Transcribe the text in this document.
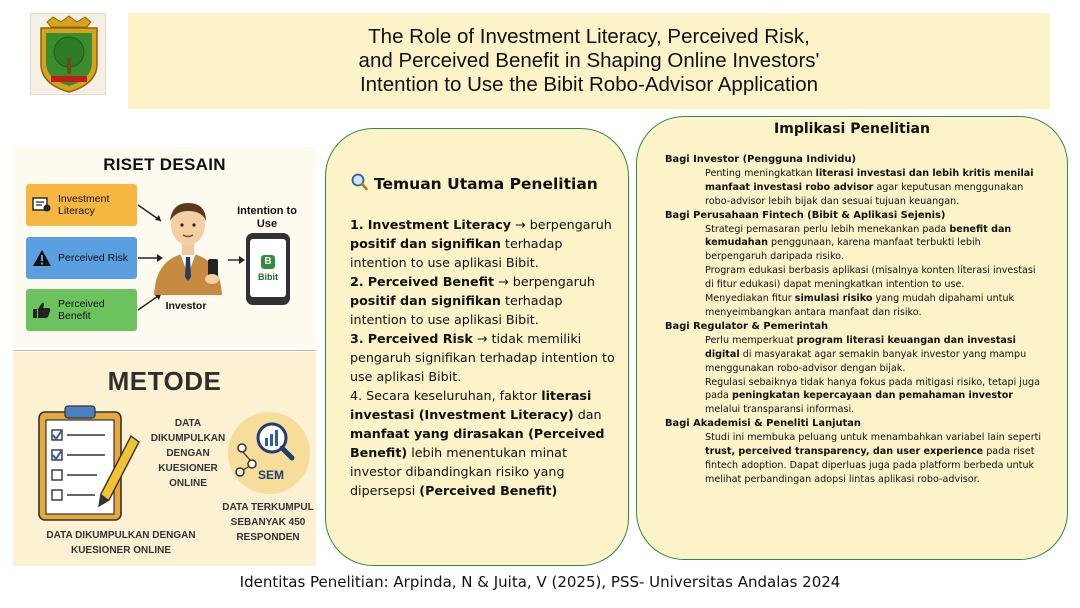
The Role of Investment Literacy, Perceived Risk,
and Perceived Benefit in Shaping Online Investors'
Intention to Use the Bibit Robo-Advisor Application
RISET DESAIN
Investment Literacy
Perceived Risk
Perceived Benefit
Investor
Intention to Use
B
Bibit
METODE
DATA DIKUMPULKAN DENGAN KUESIONER ONLINE
SEM
DATA DIKUMPULKAN DENGAN KUESIONER ONLINE
DATA TERKUMPUL SEBANYAK 450 RESPONDEN
Temuan Utama Penelitian

1. Investment Literacy → berpengaruh positif dan signifikan terhadap intention to use aplikasi Bibit.

2. Perceived Benefit → berpengaruh positif dan signifikan terhadap intention to use aplikasi Bibit.

3. Perceived Risk → tidak memiliki pengaruh signifikan terhadap intention to use aplikasi Bibit.

4. Secara keseluruhan, faktor literasi investasi (Investment Literacy) dan manfaat yang dirasakan (Perceived Benefit) lebih menentukan minat investor dibandingkan risiko yang dipersepsi (Perceived Benefit)

Implikasi Penelitian
Bagi Investor (Pengguna Individu)
Penting meningkatkan literasi investasi dan lebih kritis menilai manfaat investasi robo advisor agar keputusan menggunakan robo-advisor lebih bijak dan sesuai tujuan keuangan.
Bagi Perusahaan Fintech (Bibit & Aplikasi Sejenis)
Strategi pemasaran perlu lebih menekankan pada benefit dan kemudahan penggunaan, karena manfaat terbukti lebih berpengaruh daripada risiko.
Program edukasi berbasis aplikasi (misalnya konten literasi investasi di fitur edukasi) dapat meningkatkan intention to use.
Menyediakan fitur simulasi risiko yang mudah dipahami untuk menyeimbangkan antara manfaat dan risiko.
Bagi Regulator & Pemerintah
Perlu memperkuat program literasi keuangan dan investasi digital di masyarakat agar semakin banyak investor yang mampu menggunakan robo-advisor dengan bijak.
Regulasi sebaiknya tidak hanya fokus pada mitigasi risiko, tetapi juga pada peningkatan kepercayaan dan pemahaman investor melalui transparansi informasi.
Bagi Akademisi & Peneliti Lanjutan
Studi ini membuka peluang untuk menambahkan variabel lain seperti trust, perceived transparency, dan user experience pada riset fintech adoption. Dapat diperluas juga pada platform berbeda untuk melihat perbandingan adopsi lintas aplikasi robo-advisor.
Identitas Penelitian: Arpinda, N & Juita, V (2025), PSS- Universitas Andalas 2024
